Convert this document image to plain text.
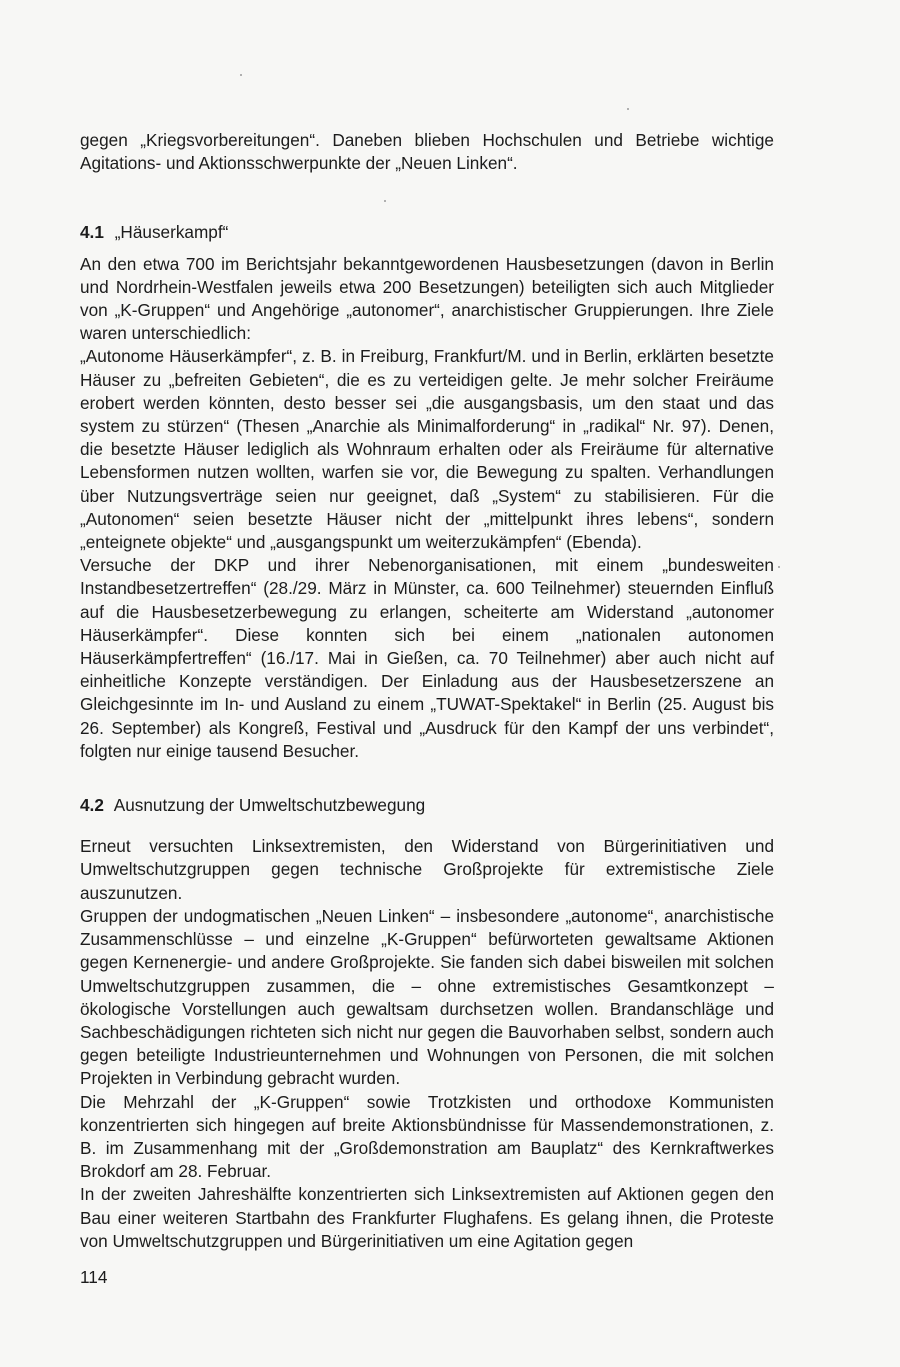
gegen „Kriegsvorbereitungen“. Daneben blieben Hochschulen und Betriebe wichtige Agitations- und Aktionsschwerpunkte der „Neuen Linken“.

4.1 „Häuserkampf“

An den etwa 700 im Berichtsjahr bekanntgewordenen Hausbesetzungen (davon in Berlin und Nordrhein-Westfalen jeweils etwa 200 Besetzungen) beteiligten sich auch Mitglieder von „K-Gruppen“ und Angehörige „autonomer“, anarchistischer Gruppierungen. Ihre Ziele waren unterschiedlich:

„Autonome Häuserkämpfer“, z. B. in Freiburg, Frankfurt/M. und in Berlin, erklärten besetzte Häuser zu „befreiten Gebieten“, die es zu verteidigen gelte. Je mehr solcher Freiräume erobert werden könnten, desto besser sei „die ausgangsbasis, um den staat und das system zu stürzen“ (Thesen „Anarchie als Minimalforderung“ in „radikal“ Nr. 97). Denen, die besetzte Häuser lediglich als Wohnraum erhalten oder als Freiräume für alternative Lebensformen nutzen wollten, warfen sie vor, die Bewegung zu spalten. Verhandlungen über Nutzungsverträge seien nur geeignet, daß „System“ zu stabilisieren. Für die „Autonomen“ seien besetzte Häuser nicht der „mittelpunkt ihres lebens“, sondern „enteignete objekte“ und „ausgangspunkt um weiterzukämpfen“ (Ebenda).

Versuche der DKP und ihrer Nebenorganisationen, mit einem „bundesweiten Instandbesetzertreffen“ (28./29. März in Münster, ca. 600 Teilnehmer) steuernden Einfluß auf die Hausbesetzerbewegung zu erlangen, scheiterte am Widerstand „autonomer Häuserkämpfer“. Diese konnten sich bei einem „nationalen autonomen Häuserkämpfertreffen“ (16./17. Mai in Gießen, ca. 70 Teilnehmer) aber auch nicht auf einheitliche Konzepte verständigen. Der Einladung aus der Hausbesetzerszene an Gleichgesinnte im In- und Ausland zu einem „TUWAT-Spektakel“ in Berlin (25. August bis 26. September) als Kongreß, Festival und „Ausdruck für den Kampf der uns verbindet“, folgten nur einige tausend Besucher.

4.2 Ausnutzung der Umweltschutzbewegung

Erneut versuchten Linksextremisten, den Widerstand von Bürgerinitiativen und Umweltschutzgruppen gegen technische Großprojekte für extremistische Ziele auszunutzen.

Gruppen der undogmatischen „Neuen Linken“ – insbesondere „autonome“, anarchistische Zusammenschlüsse – und einzelne „K-Gruppen“ befürworteten gewaltsame Aktionen gegen Kernenergie- und andere Großprojekte. Sie fanden sich dabei bisweilen mit solchen Umweltschutzgruppen zusammen, die – ohne extremistisches Gesamtkonzept – ökologische Vorstellungen auch gewaltsam durchsetzen wollen. Brandanschläge und Sachbeschädigungen richteten sich nicht nur gegen die Bauvorhaben selbst, sondern auch gegen beteiligte Industrieunternehmen und Wohnungen von Personen, die mit solchen Projekten in Verbindung gebracht wurden.

Die Mehrzahl der „K-Gruppen“ sowie Trotzkisten und orthodoxe Kommunisten konzentrierten sich hingegen auf breite Aktionsbündnisse für Massendemonstrationen, z. B. im Zusammenhang mit der „Großdemonstration am Bauplatz“ des Kernkraftwerkes Brokdorf am 28. Februar.

In der zweiten Jahreshälfte konzentrierten sich Linksextremisten auf Aktionen gegen den Bau einer weiteren Startbahn des Frankfurter Flughafens. Es gelang ihnen, die Proteste von Umweltschutzgruppen und Bürgerinitiativen um eine Agitation gegen

114
